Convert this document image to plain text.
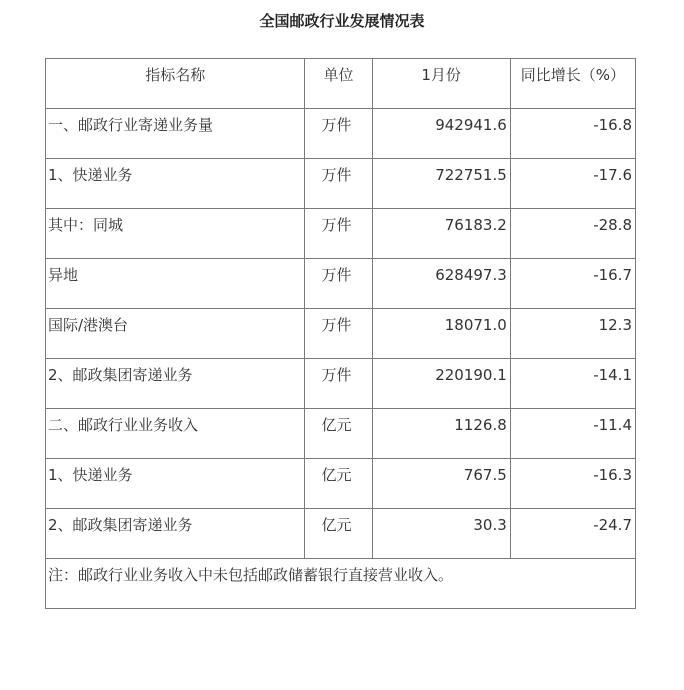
全国邮政行业发展情况表
指标名称	单位	1月份	同比增长（%）
一、邮政行业寄递业务量	万件	942941.6	-16.8
1、快递业务	万件	722751.5	-17.6
其中：同城	万件	76183.2	-28.8
异地	万件	628497.3	-16.7
国际/港澳台	万件	18071.0	12.3
2、邮政集团寄递业务	万件	220190.1	-14.1
二、邮政行业业务收入	亿元	1126.8	-11.4
1、快递业务	亿元	767.5	-16.3
2、邮政集团寄递业务	亿元	30.3	-24.7
注：邮政行业业务收入中未包括邮政储蓄银行直接营业收入。			
